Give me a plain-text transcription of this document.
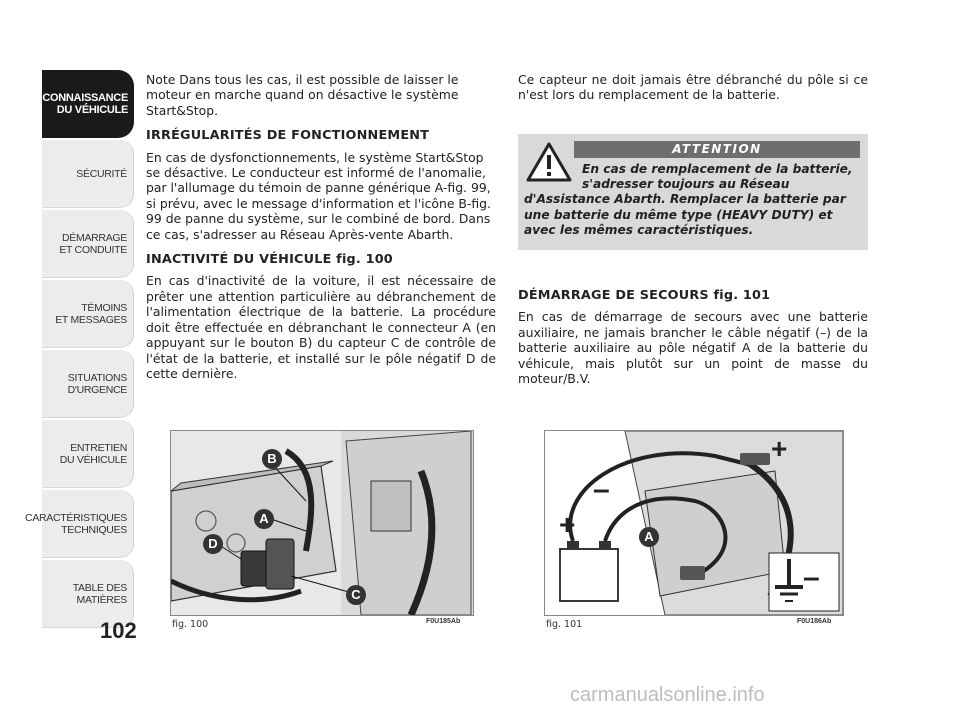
CONNAISSANCE
DU VÉHICULE
SÉCURITÉ
DÉMARRAGE
ET CONDUITE
TÉMOINS
ET MESSAGES
SITUATIONS
D'URGENCE
ENTRETIEN
DU VÉHICULE
CARACTÉRISTIQUES
TECHNIQUES
TABLE DES
MATIÈRES
102

Note Dans tous les cas, il est possible de laisser le moteur en marche quand on désactive le système Start&Stop.

IRRÉGULARITÉS DE FONCTIONNEMENT

En cas de dysfonctionnements, le système Start&Stop se désactive. Le conducteur est informé de l'anomalie, par l'allumage du témoin de panne générique A-fig. 99, si prévu, avec le message d'information et l'icône B-fig. 99 de panne du système, sur le combiné de bord. Dans ce cas, s'adresser au Réseau Après-vente Abarth.

INACTIVITÉ DU VÉHICULE fig. 100

En cas d'inactivité de la voiture, il est nécessaire de prêter une attention particulière au débranchement de l'alimentation électrique de la batterie. La procédure doit être effectuée en débranchant le connecteur A (en appuyant sur le bouton B) du capteur C de contrôle de l'état de la batterie, et installé sur le pôle négatif D de cette dernière.

Ce capteur ne doit jamais être débranché du pôle si ce n'est lors du remplacement de la batterie.

ATTENTION
En cas de remplacement de la batterie,
s'adresser toujours au Réseau
d'Assistance Abarth. Remplacer la batterie par une batterie du même type (HEAVY DUTY) et avec les mêmes caractéristiques.
DÉMARRAGE DE SECOURS fig. 101

En cas de démarrage de secours avec une batterie auxiliaire, ne jamais brancher le câble négatif (–) de la batterie auxiliaire au pôle négatif A de la batterie du véhicule, mais plutôt sur un point de masse du moteur/B.V.

B
A
D
C
fig. 100	F0U185Ab
+
–
+
–
A
fig. 101	F0U186Ab
carmanualsonline.info
